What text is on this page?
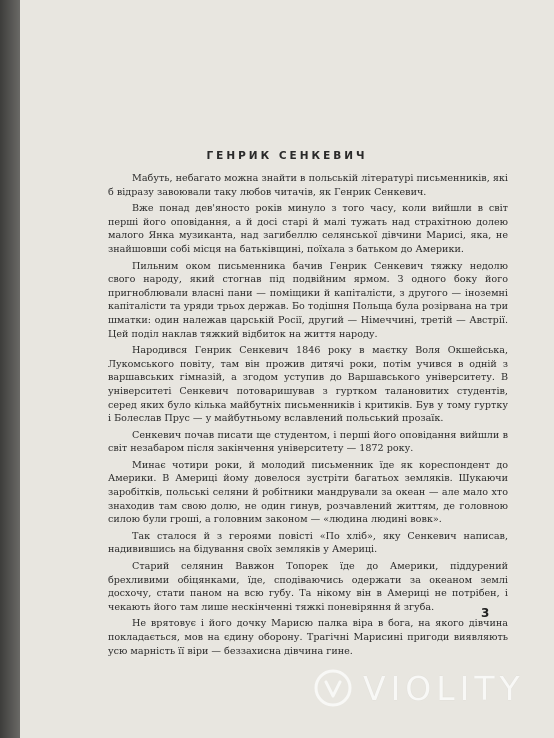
ГЕНРИК СЕНКЕВИЧ

Мабуть, небагато можна знайти в польській літературі письменників, які б відразу завоювали таку любов читачів, як Генрик Сенкевич.

Вже понад дев'яносто років минуло з того часу, коли вийшли в світ перші його оповідання, а й досі старі й малі тужать над страхітною долею малого Янка музиканта, над загибеллю селянської дівчини Марисі, яка, не знайшовши собі місця на батьківщині, поїхала з батьком до Америки.

Пильним оком письменника бачив Генрик Сенкевич тяжку недолю свого народу, який стогнав під подвійним ярмом. З одного боку його пригноблювали власні пани — поміщики й капіталісти, з другого — іноземні капіталісти та уряди трьох держав. Бо тодішня Польща була розірвана на три шматки: один належав царській Росії, другий — Німеччині, третій — Австрії. Цей поділ наклав тяжкий відбиток на життя народу.

Народився Генрик Сенкевич 1846 року в маєтку Воля Окшейська, Лукомського повіту, там він прожив дитячі роки, потім учився в одній з варшавських гімназій, а згодом уступив до Варшавського університету. В університеті Сенкевич потоваришував з гуртком талановитих студентів, серед яких було кілька майбутніх письменників і критиків. Був у тому гуртку і Болеслав Прус — у майбутньому вславлений польський прозаїк.

Сенкевич почав писати ще студентом, і перші його оповідання вийшли в світ незабаром після закінчення університету — 1872 року.

Минає чотири роки, й молодий письменник їде як кореспондент до Америки. В Америці йому довелося зустріти багатьох земляків. Шукаючи заробітків, польські селяни й робітники мандрували за океан — але мало хто знаходив там свою долю, не один гинув, розчавлений життям, де головною силою були гроші, а головним законом — «людина людині вовк».

Так сталося й з героями повісті «По хліб», яку Сенкевич написав, надивившись на бідування своїх земляків у Америці.

Старий селянин Вавжон Топорек їде до Америки, піддурений брехливими обіцянками, їде, сподіваючись одержати за океаном землі досхочу, стати паном на всю губу. Та нікому він в Америці не потрібен, і чекають його там лише нескінченні тяжкі поневіряння й згуба.

Не врятовує і його дочку Марисю палка віра в бога, на якого дівчина покладається, мов на єдину оборону. Трагічні Марисині пригоди виявляють усю марність її віри — беззахисна дівчина гине.

3
VIOLITY
